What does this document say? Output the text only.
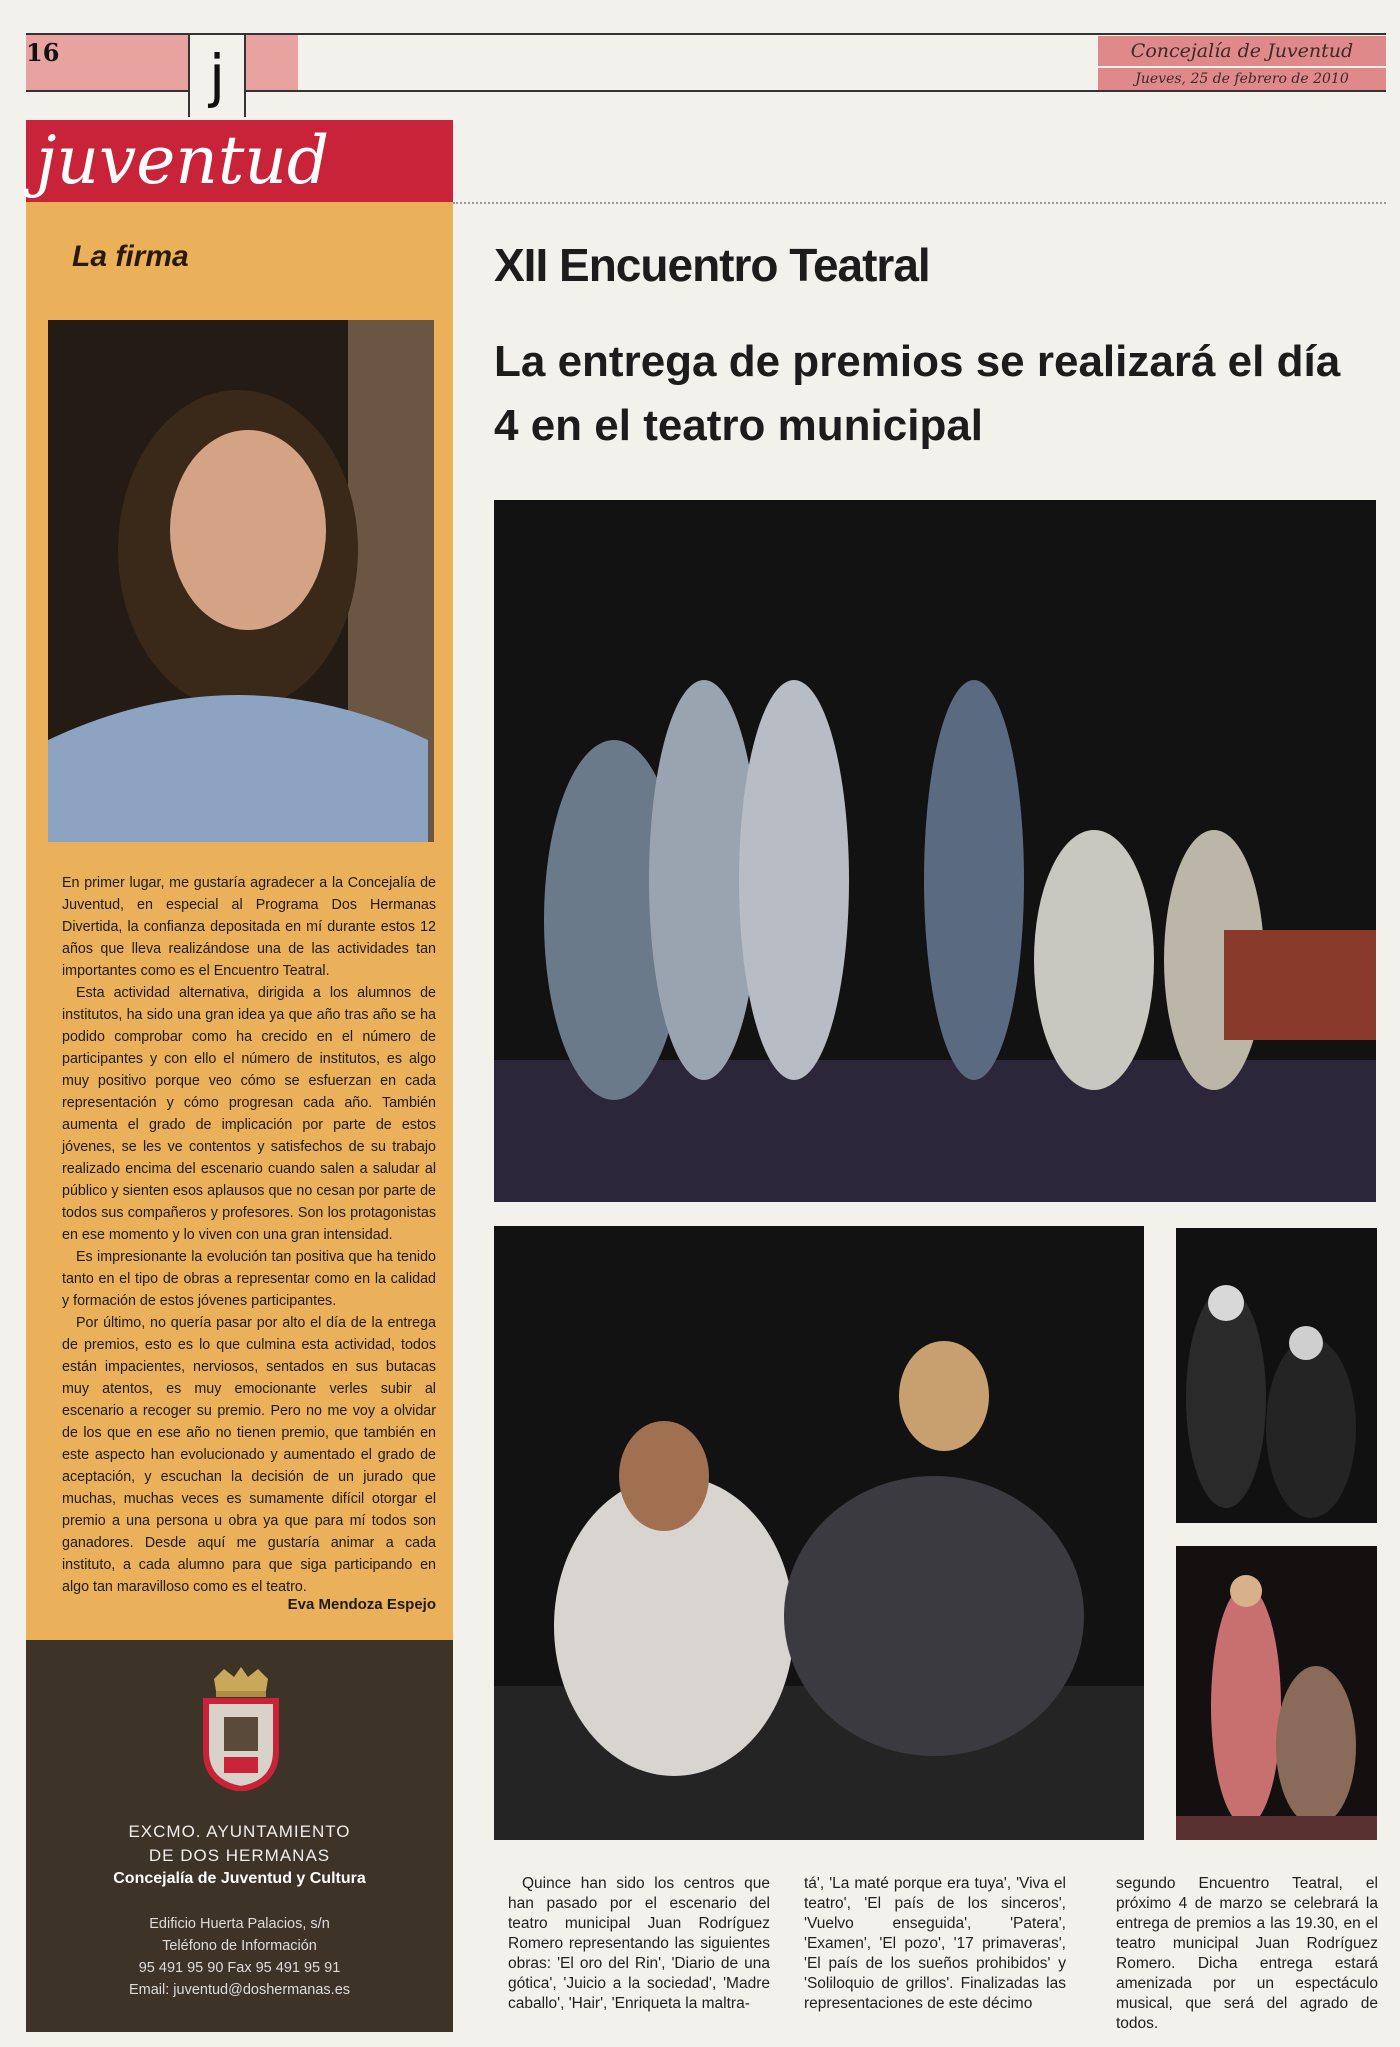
16	j	Concejalía de Juventud
Jueves, 25 de febrero de 2010
juventud
La firma

En primer lugar, me gustaría agradecer a la Concejalía de Juventud, en especial al Programa Dos Hermanas Divertida, la confianza depositada en mí durante estos 12 años que lleva realizándose una de las actividades tan importantes como es el Encuentro Teatral.

Esta actividad alternativa, dirigida a los alumnos de institutos, ha sido una gran idea ya que año tras año se ha podido comprobar como ha crecido en el número de participantes y con ello el número de institutos, es algo muy positivo porque veo cómo se esfuerzan en cada representación y cómo progresan cada año. También aumenta el grado de implicación por parte de estos jóvenes, se les ve contentos y satisfechos de su trabajo realizado encima del escenario cuando salen a saludar al público y sienten esos aplausos que no cesan por parte de todos sus compañeros y profesores. Son los protagonistas en ese momento y lo viven con una gran intensidad.

Es impresionante la evolución tan positiva que ha tenido tanto en el tipo de obras a representar como en la calidad y formación de estos jóvenes participantes.

Por último, no quería pasar por alto el día de la entrega de premios, esto es lo que culmina esta actividad, todos están impacientes, nerviosos, sentados en sus butacas muy atentos, es muy emocionante verles subir al escenario a recoger su premio. Pero no me voy a olvidar de los que en ese año no tienen premio, que también en este aspecto han evolucionado y aumentado el grado de aceptación, y escuchan la decisión de un jurado que muchas, muchas veces es sumamente difícil otorgar el premio a una persona u obra ya que para mí todos son ganadores. Desde aquí me gustaría animar a cada instituto, a cada alumno para que siga participando en algo tan maravilloso como es el teatro.

Eva Mendoza Espejo
EXCMO. AYUNTAMIENTO
DE DOS HERMANAS
Concejalía de Juventud y Cultura
Edificio Huerta Palacios, s/n
Teléfono de Información
95 491 95 90 Fax 95 491 95 91
Email: juventud@doshermanas.es
XII Encuentro Teatral
La entrega de premios se realizará el día 4 en el teatro municipal
Quince han sido los centros que han pasado por el escenario del teatro municipal Juan Rodríguez Romero representando las siguientes obras: 'El oro del Rin', 'Diario de una gótica', 'Juicio a la sociedad', 'Madre caballo', 'Hair', 'Enriqueta la maltra-
tá', 'La maté porque era tuya', 'Viva el teatro', 'El país de los sinceros', 'Vuelvo enseguida', 'Patera', 'Examen', 'El pozo', '17 primaveras', 'El país de los sueños prohibidos' y 'Soliloquio de grillos'. Finalizadas las representaciones de este décimo
segundo Encuentro Teatral, el próximo 4 de marzo se celebrará la entrega de premios a las 19.30, en el teatro municipal Juan Rodríguez Romero. Dicha entrega estará amenizada por un espectáculo musical, que será del agrado de todos.
